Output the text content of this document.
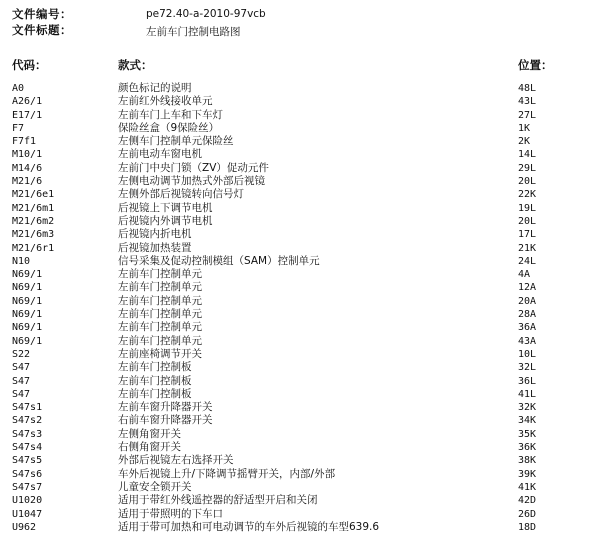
文件编号：	pe72.40-a-2010-97vcb
文件标题：	左前车门控制电路图
代码：	款式：	位置：
A0	颜色标记的说明	48L
A26/1	左前红外线接收单元	43L
E17/1	左前车门上车和下车灯	27L
F7	保险丝盒（9保险丝）	1K
F7f1	左侧车门控制单元保险丝	2K
M10/1	左前电动车窗电机	14L
M14/6	左前门中央门锁（ZV）促动元件	29L
M21/6	左侧电动调节加热式外部后视镜	20L
M21/6e1	左侧外部后视镜转向信号灯	22K
M21/6m1	后视镜上下调节电机	19L
M21/6m2	后视镜内外调节电机	20L
M21/6m3	后视镜内折电机	17L
M21/6r1	后视镜加热装置	21K
N10	信号采集及促动控制模组（SAM）控制单元	24L
N69/1	左前车门控制单元	4A
N69/1	左前车门控制单元	12A
N69/1	左前车门控制单元	20A
N69/1	左前车门控制单元	28A
N69/1	左前车门控制单元	36A
N69/1	左前车门控制单元	43A
S22	左前座椅调节开关	10L
S47	左前车门控制板	32L
S47	左前车门控制板	36L
S47	左前车门控制板	41L
S47s1	左前车窗升降器开关	32K
S47s2	右前车窗升降器开关	34K
S47s3	左侧角窗开关	35K
S47s4	右侧角窗开关	36K
S47s5	外部后视镜左右选择开关	38K
S47s6	车外后视镜上升/下降调节摇臂开关，内部/外部	39K
S47s7	儿童安全锁开关	41K
U1020	适用于带红外线遥控器的舒适型开启和关闭	42D
U1047	适用于带照明的下车口	26D
U962	适用于带可加热和可电动调节的车外后视镜的车型639.6	18D
